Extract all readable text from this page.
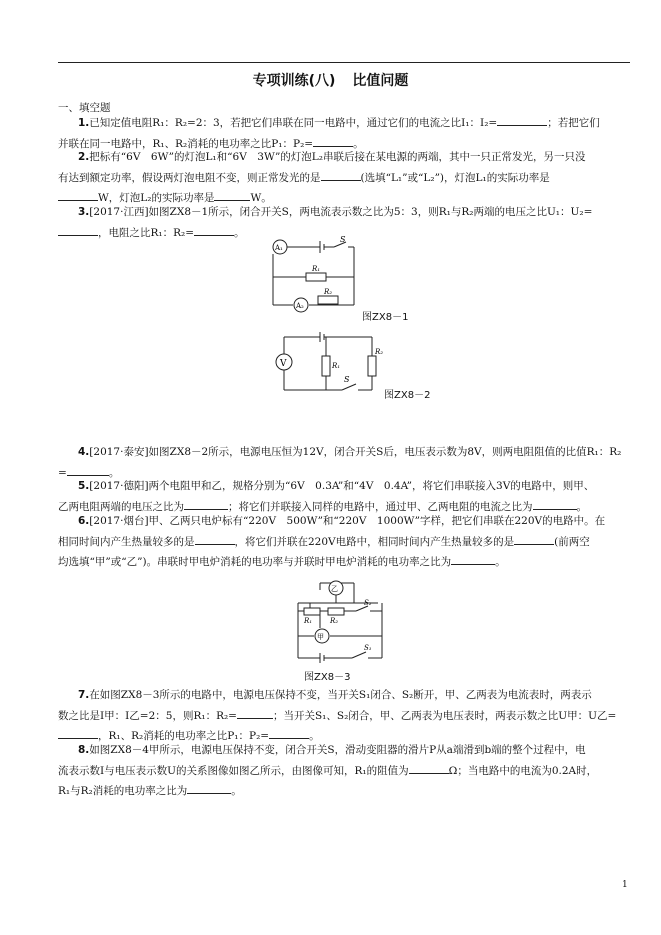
专项训练(八) 比值问题
一、填空题
1.已知定值电阻R₁：R₂=2：3，若把它们串联在同一电路中，通过它们的电流之比I₁：I₂=	；若把它们
并联在同一电路中，R₁、R₂消耗的电功率之比P₁：P₂=	。
2.把标有“6V　6W”的灯泡L₁和“6V　3W”的灯泡L₂串联后接在某电源的两端，其中一只正常发光，另一只没
有达到额定功率，假设两灯泡电阻不变，则正常发光的是	(选填“L₁”或“L₂”)，灯泡L₁的实际功率是
W，灯泡L₂的实际功率是	W。
3.[2017·江西]如图ZX8－1所示，闭合开关S，两电流表示数之比为5：3，则R₁与R₂两端的电压之比U₁：U₂=
，电阻之比R₁：R₂=	。
A₁
A₂
S
R₁
R₂
图ZX8－1
V	R₁
R₂
S
图ZX8－2
4.[2017·泰安]如图ZX8－2所示，电源电压恒为12V，闭合开关S后，电压表示数为8V，则两电阻阻值的比值R₁：R₂
=	。
5.[2017·德阳]两个电阻甲和乙，规格分别为“6V　0.3A”和“4V　0.4A”，将它们串联接入3V的电路中，则甲、
乙两电阻两端的电压之比为	；将它们并联接入同样的电路中，通过甲、乙两电阻的电流之比为	。
6.[2017·烟台]甲、乙两只电炉标有“220V　500W”和“220V　1000W”字样，把它们串联在220V的电路中。在
相同时间内产生热量较多的是	，将它们并联在220V电路中，相同时间内产生热量较多的是	(前两空
均选填“甲”或“乙”)。串联时甲电炉消耗的电功率与并联时甲电炉消耗的电功率之比为	。
甲
乙
R₁	R₂
S₂
S₁
图ZX8－3
7.在如图ZX8－3所示的电路中，电源电压保持不变，当开关S₁闭合、S₂断开，甲、乙两表为电流表时，两表示
数之比是I甲：I乙=2：5，则R₁：R₂=	；当开关S₁、S₂闭合，甲、乙两表为电压表时，两表示数之比U甲：U乙=
，R₁、R₂消耗的电功率之比P₁：P₂=	。
8.如图ZX8－4甲所示，电源电压保持不变，闭合开关S，滑动变阻器的滑片P从a端滑到b端的整个过程中，电
流表示数I与电压表示数U的关系图像如图乙所示，由图像可知，R₁的阻值为	Ω；当电路中的电流为0.2A时，
R₁与R₂消耗的电功率之比为	。
1
